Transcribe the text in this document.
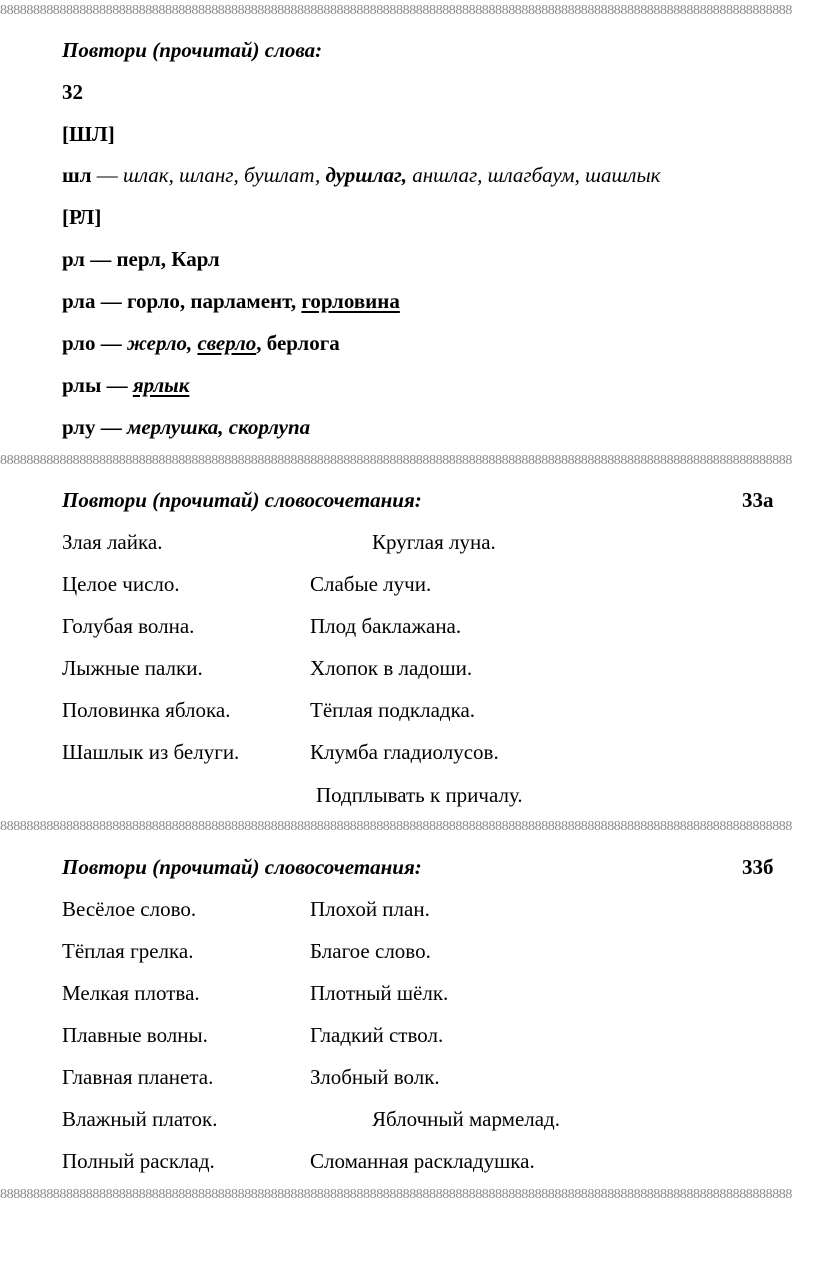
888888888888888888888888888888888888888888888888888888888888888888888888888888888888888888888888888888888888888888888888
888888888888888888888888888888888888888888888888888888888888888888888888888888888888888888888888888888888888888888888888
888888888888888888888888888888888888888888888888888888888888888888888888888888888888888888888888888888888888888888888888
888888888888888888888888888888888888888888888888888888888888888888888888888888888888888888888888888888888888888888888888
Повтори (прочитай) слова:
32
[ШЛ]
шл — шлак, шланг, бушлат, дуршлаг, аншлаг, шлагбаум, шашлык
[РЛ]
рл — перл, Карл
рла — горло, парламент, горловина
рло — жерло, сверло, берлога
рлы — ярлык
рлу — мерлушка, скорлупа
Повтори (прочитай) словосочетания:	33а
Злая лайка.	Круглая луна.
Целое число.	Слабые лучи.
Голубая волна.	Плод баклажана.
Лыжные палки.	Хлопок в ладоши.
Половинка яблока.	Тёплая подкладка.
Шашлык из белуги.	Клумба гладиолусов.
Подплывать к причалу.
Повтори (прочитай) словосочетания:	33б
Весёлое слово.	Плохой план.
Тёплая грелка.	Благое слово.
Мелкая плотва.	Плотный шёлк.
Плавные волны.	Гладкий ствол.
Главная планета.	Злобный волк.
Влажный платок.	Яблочный мармелад.
Полный расклад.	Сломанная раскладушка.
